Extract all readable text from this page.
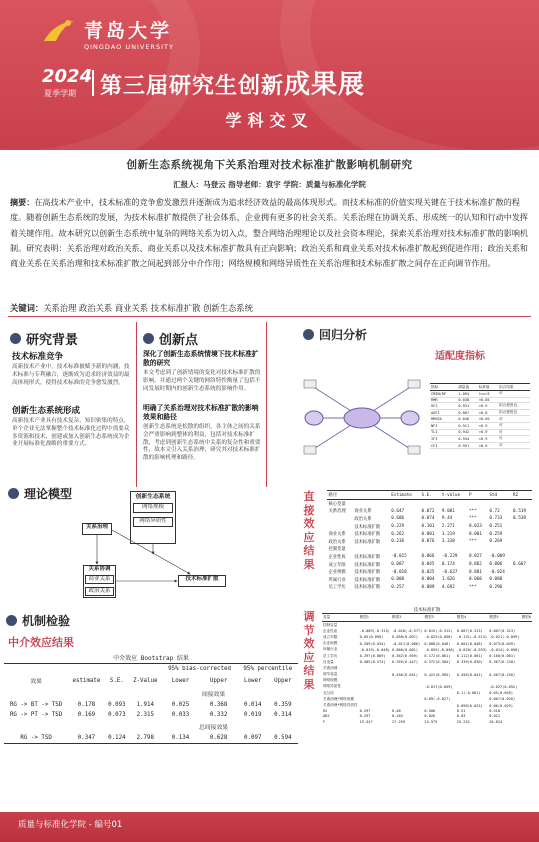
青岛大学
QINGDAO UNIVERSITY
2024
夏季学期 第三届研究生创新成果展
学科交叉
创新生态系统视角下关系治理对技术标准扩散影响机制研究
汇报人：马登云 指导老师：袁宇 学院：质量与标准化学院
摘要：在高技术产业中，技术标准的竞争愈发激烈并逐渐成为追求经济效益的最高体现形式。而技术标准的价值实现关键在于技术标准扩散的程度。随着创新生态系统的发展，为技术标准扩散提供了社会体系，企业拥有更多的社会关系。关系治理在协调关系、形成统一的认知和行动中发挥着关键作用。故本研究以创新生态系统中复杂的网络关系为切入点，整合网络治理理论以及社会资本理论，探索关系治理对技术标准扩散的影响机制。研究表明：关系治理对政治关系、商业关系以及技术标准扩散具有正向影响；政治关系和商业关系对技术标准扩散起到促进作用；政治关系和商业关系在关系治理和技术标准扩散之间起到部分中介作用；网络规模和网络异质性在关系治理和技术标准扩散之间存在正向调节作用。
关键词：关系治理 政治关系 商业关系 技术标准扩散 创新生态系统
研究背景
技术标准竞争
高新技术产业中，技术标准被赋予新的内涵，技术标准与专利融合，逐渐成为追求经济效益的最高体现形式，使得技术标准的竞争愈发激烈。
创新生态系统形成
高新技术产业具有技术复杂、知识密集的特点，单个企业无法掌握整个技术标准化过程中需要众多资源和技术，创建或加入创新生态系统成为企业开展标准化战略的重要方式。
创新点
深化了创新生态系统情境下技术标准扩散的研究
本文考虑到了创新情境的变化对技术标准扩散的影响，并通过两个关键的网络特性衡量了包括不同发展时期内的创新生态系统的影响作用。
明确了关系治理对技术标准扩散的影响效果和路径
创新生态系统是松散的组织，各主体之间的关系会严重影响到整体的利益，包括对技术标准扩散，考虑到创新生态系统中关系的复杂性和重要性，故本文引入关系治理，研究其对技术标准扩散的影响机理和路径。
回归分析
适配度指标
指标	测量值	标准值	拟合结果
CMIN/DF	1.094	1<x<3	可
RMR	0.038	<0.05	
GFI	0.931	>0.9	拟合程度良
AGFI	0.887	>0.8	拟合程度良
RMSEA	0.046	<0.05	可
NFI	0.911	>0.9	可
TLI	0.942	>0.9	可
IFI	0.944	>0.9	可
CFI	0.951	>0.9	可
直接效应结果
路径		Estimate	S.E.	t-value	P	Std	R2
核心变量							
关系治理	商业关系	0.647	0.072	9.001	***	0.72	0.519
	政治关系	0.686	0.074	9.44	***	0.733	0.538
	技术标准扩散	0.229	0.101	2.271	0.023	0.251	
商业关系	技术标准扩散	0.262	0.081	3.219	0.001	0.259	
政治关系	技术标准扩散	0.236	0.076	3.338	***	0.269	
控制变量							
企业性质	技术标准扩散	-0.015	0.066	-0.229	0.827	-0.009	
成立年限	技术标准扩散	0.087	0.045	0.174	0.862	0.006	0.667
企业规模	技术标准扩散	-0.018	0.025	-0.637	0.881	-0.024	
所属行业	技术标准扩散	0.008	0.004	1.826	0.068	0.088	
员工学历	技术标准扩散	0.257	0.089	4.692	***	0.296	
调节效应结果
技术标准扩散
变量	模型1	模型2	模型3	模型4	模型5	模型6
控制变量						
企业性质	-0.009(-0.315)	-0.018(-0.577)	0.015(-0.512)	0.007(0.313)	0.007(0.313)	
成立年限	0.05(0.096)	0.058(0.097)	-0.025(0.058)	-0.131(-0.513)	-0.021(-0.059)	
企业规模	0.209(0.034)	-0.011(0.086)	0.008(0.048)	0.001(0.048)	0.073(0.049)	
所属行业	-0.019(-0.048)	0.066(0.061)	-0.059(-0.058)	-0.020(-0.033)	-0.014(-0.058)	
员工学历	0.297(6.869)	0.362(6.959)	0.172(0.061)	0.112(0.061)	0.160(0.061)	
自变量	0.485(8.574)	0.359(6.447)	0.372(6.384)	0.339(6.030)	0.367(6.230)	
关系治理						
调节变量		0.456(8.041)	0.422(8.905)	0.456(8.041)	0.467(8.250)	
网络规模						
网络异质性			-0.017(0.059)		-0.027(0.052)	
交互项				0.1(-0.061)	0.05(0.049)	
关系治理*网络规模			0.09(-0.027)		0.007(0.020)	
关系治理*网络异质性				0.098(0.025)	0.06(0.029)	
R2	0.297	0.48	0.506	0.51	0.518	
ΔR2	0.297	0.183	0.026	0.03	0.021	
F	15.547	27.299	24.975	25.252	20.824	
理论模型	创新生态系统
网络规模
网络异质性
关系治理
关系协调
商业关系
政治关系
技术标准扩散
机制检验
中介效应结果
中介效应 Bootstrap 结果
				95% bias-corrected		95% percentile	
效果	estimate	S.E.	Z-Value	Lower	Upper	Lower	Upper
			间接效果				
RG -> BT -> TSD	0.178	0.093	1.914	0.025	0.368	0.014	0.359
RG -> PT -> TSD	0.169	0.073	2.315	0.033	0.332	0.019	0.314
			总间接效果				
RG -> TSD	0.347	0.124	2.798	0.134	0.628	0.097	0.594
质量与标准化学院 - 编号01
